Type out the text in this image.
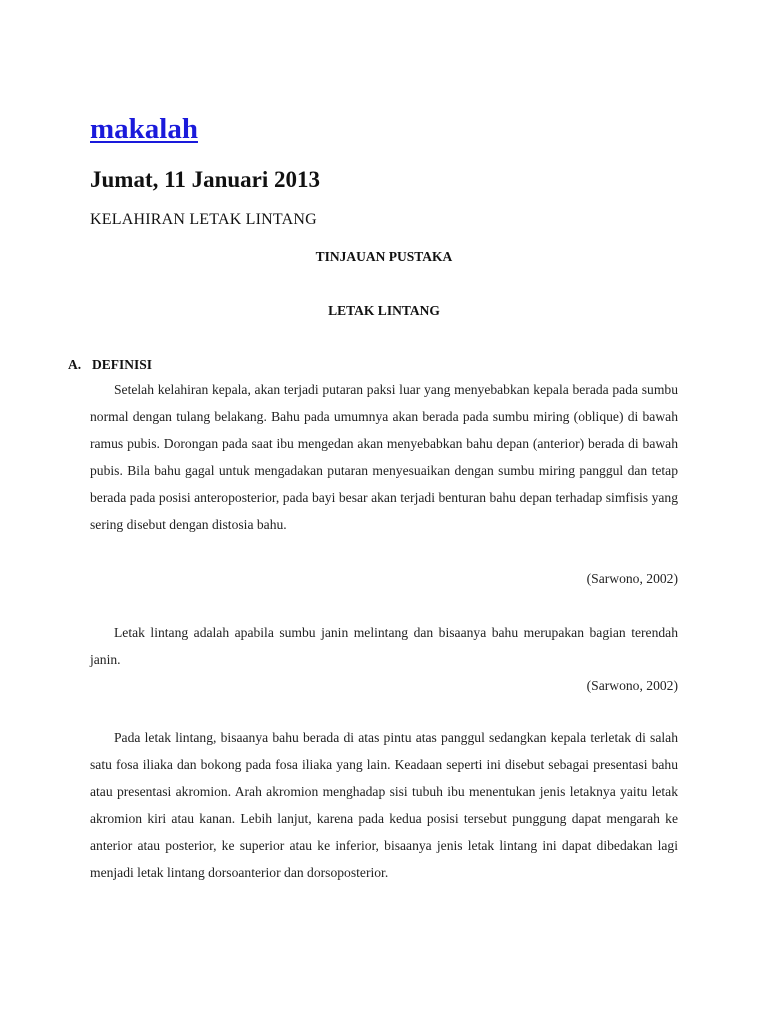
makalah
Jumat, 11 Januari 2013
KELAHIRAN LETAK LINTANG
TINJAUAN PUSTAKA
LETAK LINTANG
A. DEFINISI

Setelah kelahiran kepala, akan terjadi putaran paksi luar yang menyebabkan kepala berada pada sumbu normal dengan tulang belakang. Bahu pada umumnya akan berada pada sumbu miring (oblique) di bawah ramus pubis. Dorongan pada saat ibu mengedan akan menyebabkan bahu depan (anterior) berada di bawah pubis. Bila bahu gagal untuk mengadakan putaran menyesuaikan dengan sumbu miring panggul dan tetap berada pada posisi anteroposterior, pada bayi besar akan terjadi benturan bahu depan terhadap simfisis yang sering disebut dengan distosia bahu.

(Sarwono, 2002)

Letak lintang adalah apabila sumbu janin melintang dan bisaanya bahu merupakan bagian terendah janin.

(Sarwono, 2002)

Pada letak lintang, bisaanya bahu berada di atas pintu atas panggul sedangkan kepala terletak di salah satu fosa iliaka dan bokong pada fosa iliaka yang lain. Keadaan seperti ini disebut sebagai presentasi bahu atau presentasi akromion. Arah akromion menghadap sisi tubuh ibu menentukan jenis letaknya yaitu letak akromion kiri atau kanan. Lebih lanjut, karena pada kedua posisi tersebut punggung dapat mengarah ke anterior atau posterior, ke superior atau ke inferior, bisaanya jenis letak lintang ini dapat dibedakan lagi menjadi letak lintang dorsoanterior dan dorsoposterior.
